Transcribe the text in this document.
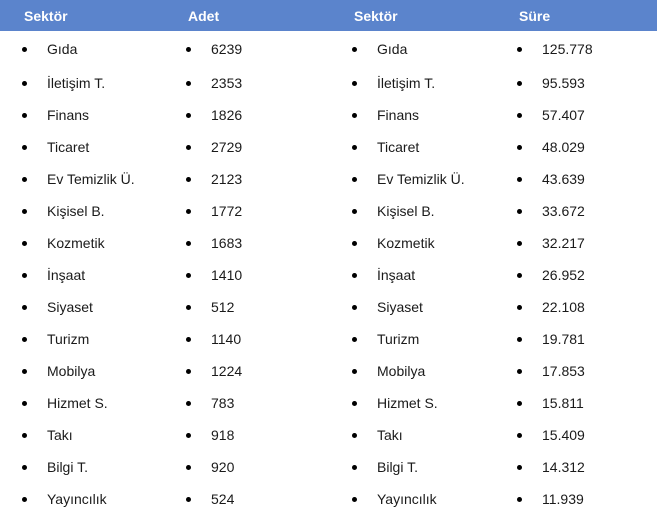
Sektör	Adet	Sektör	Süre

Gıda	6239	Gıda	125.778

İletişim T.	2353	İletişim T.	95.593

Finans	1826	Finans	57.407

Ticaret	2729	Ticaret	48.029

Ev Temizlik Ü.	2123	Ev Temizlik Ü.	43.639

Kişisel B.	1772	Kişisel B.	33.672

Kozmetik	1683	Kozmetik	32.217

İnşaat	1410	İnşaat	26.952

Siyaset	512	Siyaset	22.108

Turizm	1140	Turizm	19.781

Mobilya	1224	Mobilya	17.853

Hizmet S.	783	Hizmet S.	15.811

Takı	918	Takı	15.409

Bilgi T.	920	Bilgi T.	14.312

Yayıncılık	524	Yayıncılık	11.939
